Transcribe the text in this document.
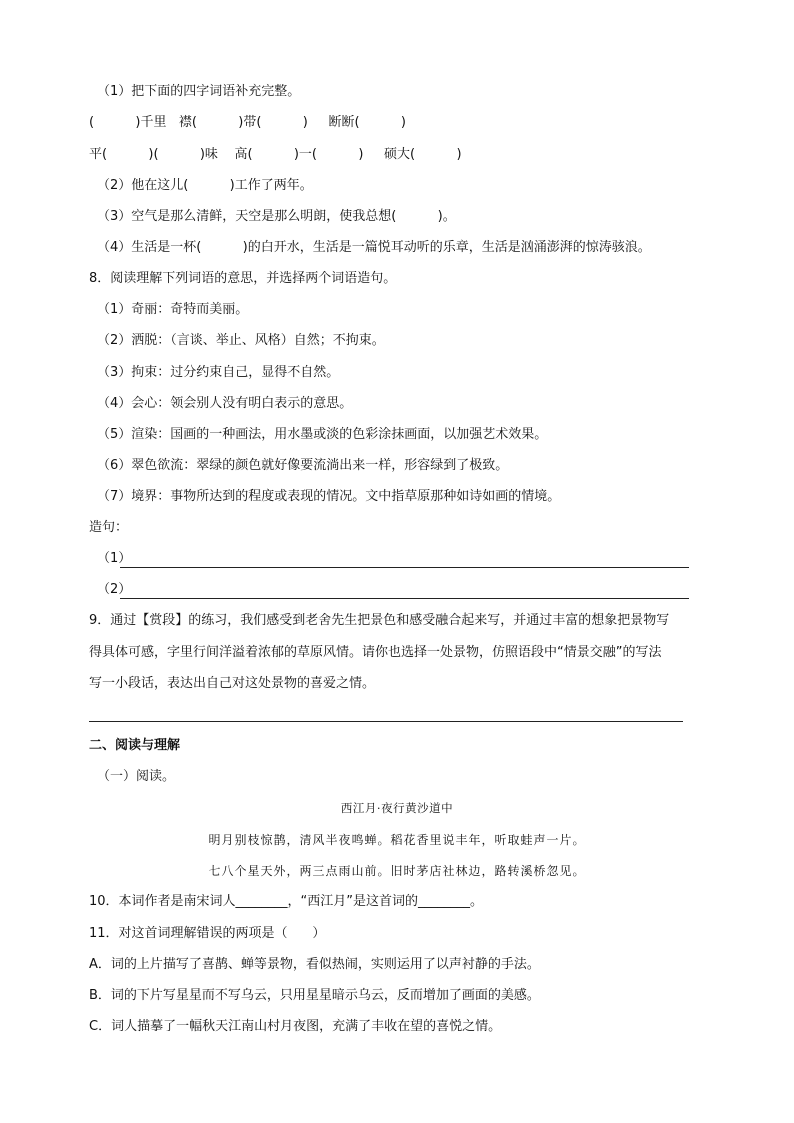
（1）把下面的四字词语补充完整。
(          )千里   襟(          )带(          )     断断(          )
平(          )(          )味    高(          )一(          )     硕大(          )
（2）他在这儿(          )工作了两年。
（3）空气是那么清鲜，天空是那么明朗，使我总想(          )。
（4）生活是一杯(          )的白开水，生活是一篇悦耳动听的乐章，生活是汹涌澎湃的惊涛骇浪。
8．阅读理解下列词语的意思，并选择两个词语造句。
（1）奇丽：奇特而美丽。
（2）洒脱：（言谈、举止、风格）自然；不拘束。
（3）拘束：过分约束自己，显得不自然。
（4）会心：领会别人没有明白表示的意思。
（5）渲染：国画的一种画法，用水墨或淡的色彩涂抹画面，以加强艺术效果。
（6）翠色欲流：翠绿的颜色就好像要流淌出来一样，形容绿到了极致。
（7）境界：事物所达到的程度或表现的情况。文中指草原那种如诗如画的情境。
造句：
（1）
（2）
9．通过【赏段】的练习，我们感受到老舍先生把景色和感受融合起来写，并通过丰富的想象把景物写
得具体可感，字里行间洋溢着浓郁的草原风情。请你也选择一处景物，仿照语段中“情景交融”的写法
写一小段话，表达出自己对这处景物的喜爱之情。
二、阅读与理解
（一）阅读。
西江月·夜行黄沙道中
明月别枝惊鹊，清风半夜鸣蝉。稻花香里说丰年，听取蛙声一片。
七八个星天外，两三点雨山前。旧时茅店社林边，路转溪桥忽见。
10．本词作者是南宋词人________，“西江月”是这首词的________。
11．对这首词理解错误的两项是（      ）
A．词的上片描写了喜鹊、蝉等景物，看似热闹，实则运用了以声衬静的手法。
B．词的下片写星星而不写乌云，只用星星暗示乌云，反而增加了画面的美感。
C．词人描摹了一幅秋天江南山村月夜图，充满了丰收在望的喜悦之情。
